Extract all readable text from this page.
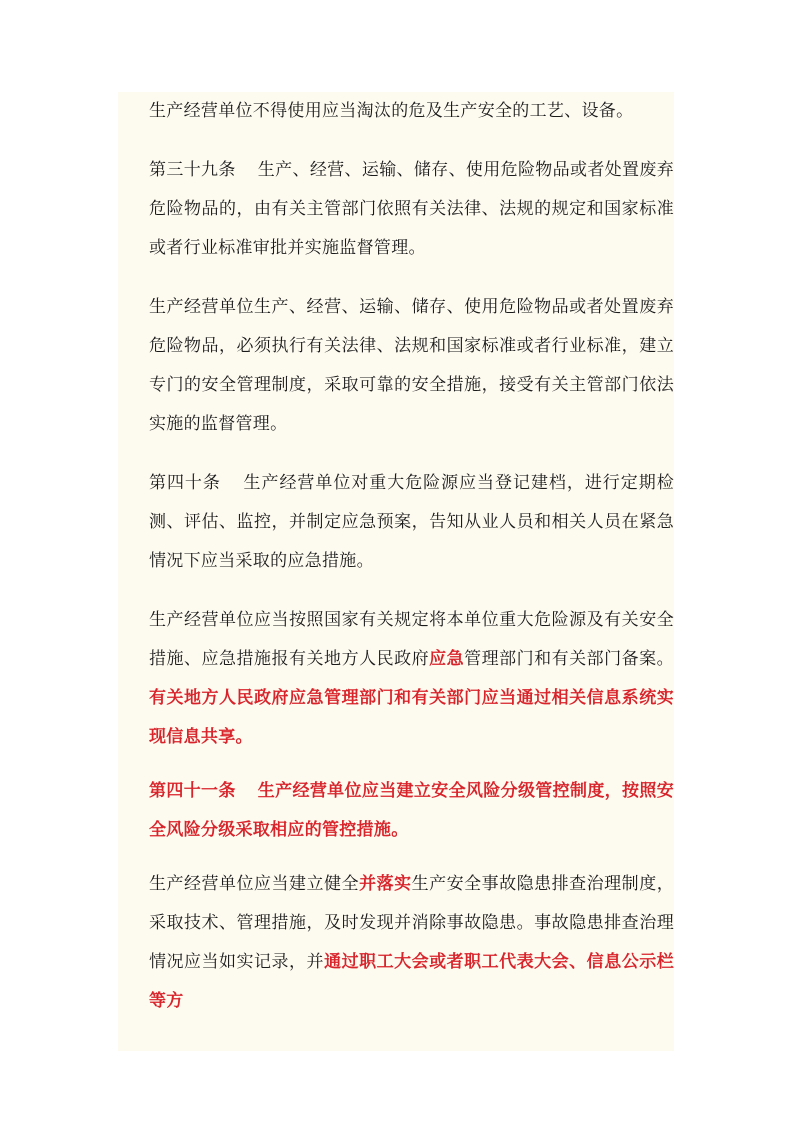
生产经营单位不得使用应当淘汰的危及生产安全的工艺、设备。

第三十九条 生产、经营、运输、储存、使用危险物品或者处置废弃危险物品的，由有关主管部门依照有关法律、法规的规定和国家标准或者行业标准审批并实施监督管理。

生产经营单位生产、经营、运输、储存、使用危险物品或者处置废弃危险物品，必须执行有关法律、法规和国家标准或者行业标准，建立专门的安全管理制度，采取可靠的安全措施，接受有关主管部门依法实施的监督管理。

第四十条 生产经营单位对重大危险源应当登记建档，进行定期检测、评估、监控，并制定应急预案，告知从业人员和相关人员在紧急情况下应当采取的应急措施。

生产经营单位应当按照国家有关规定将本单位重大危险源及有关安全措施、应急措施报有关地方人民政府应急管理部门和有关部门备案。有关地方人民政府应急管理部门和有关部门应当通过相关信息系统实现信息共享。

第四十一条 生产经营单位应当建立安全风险分级管控制度，按照安全风险分级采取相应的管控措施。

生产经营单位应当建立健全并落实生产安全事故隐患排查治理制度，采取技术、管理措施，及时发现并消除事故隐患。事故隐患排查治理情况应当如实记录，并通过职工大会或者职工代表大会、信息公示栏等方
